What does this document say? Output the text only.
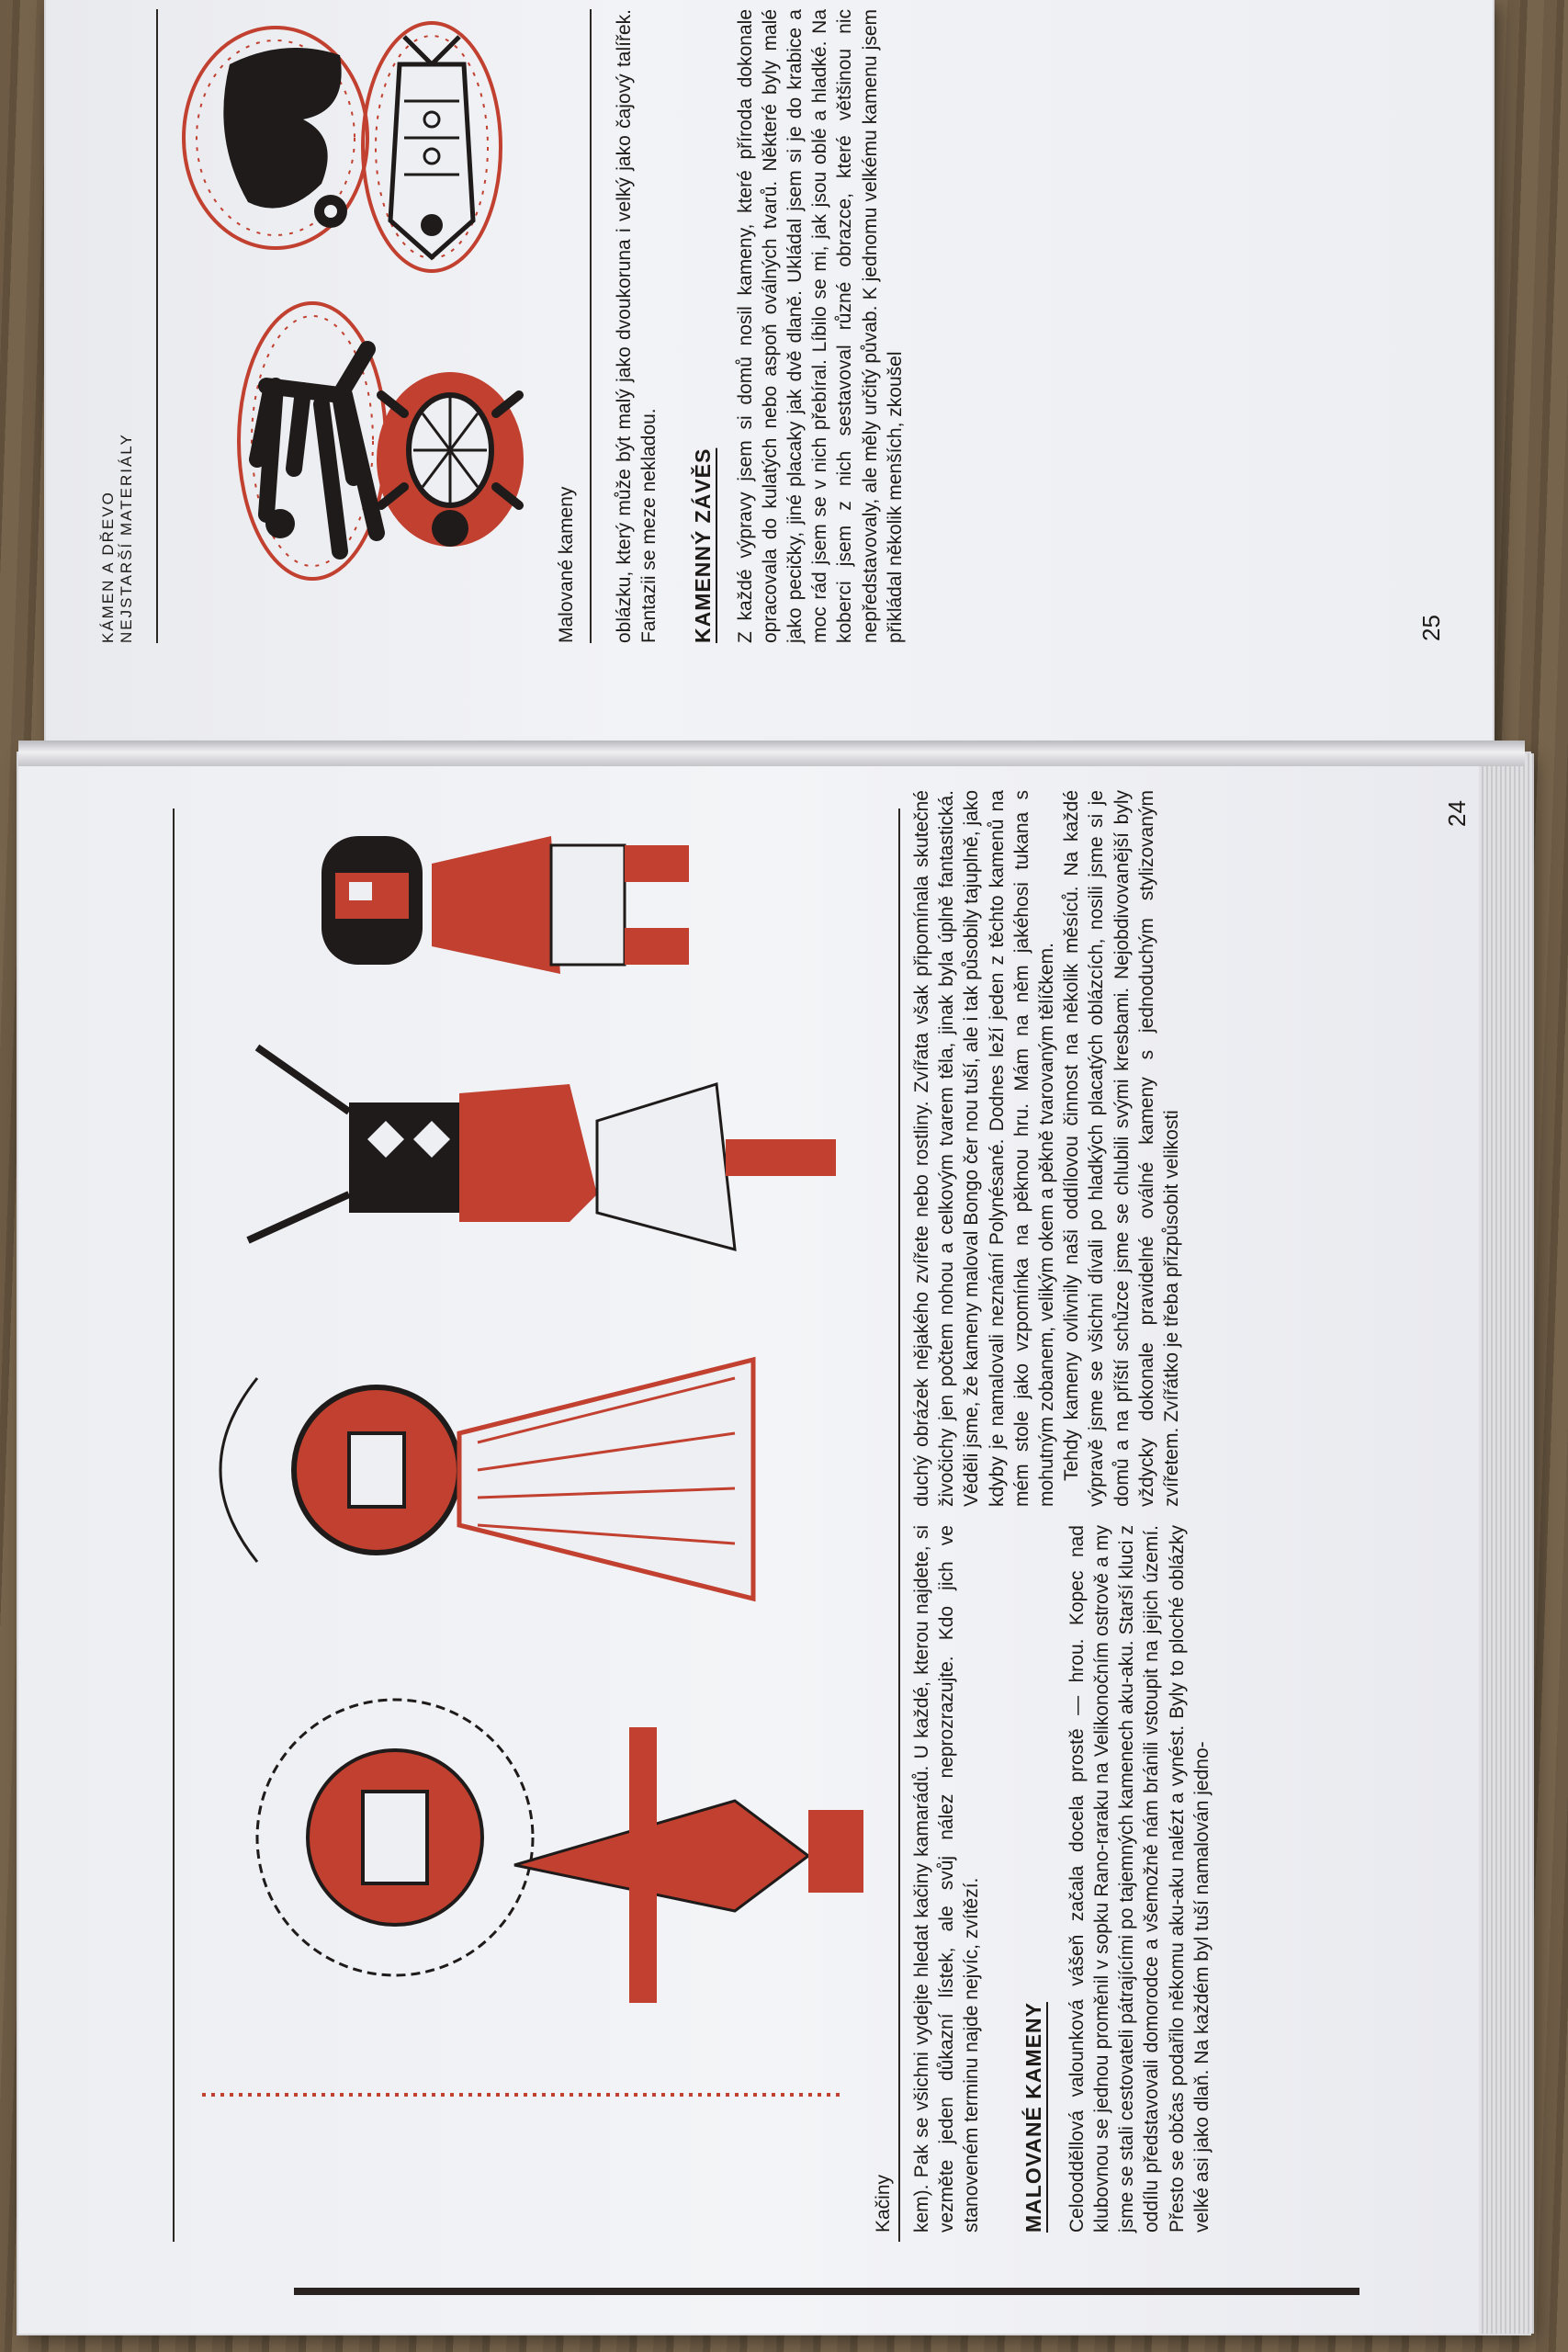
KÁMEN A DŘEVO NEJSTARŠÍ MATERIÁLY	Malované kameny oblázku, který může být malý jako dvoukoruna i velký jako čajový talířek. Fantazii se meze nekladou. KAMENNÝ ZÁVĚS Z každé výpravy jsem si domů nosil kameny, které příroda dokonale opracovala do kulatých nebo aspoň oválných tvarů. Některé byly malé jako pecičky, jiné placaky jak dvě dlaně. Ukládal jsem si je do krabice a moc rád jsem se v nich přebíral. Líbilo se mi, jak jsou oblé a hladké. Na koberci jsem z nich sestavoval různé obrazce, které většinou nic nepředstavovaly, ale měly určitý půvab. K jednomu velkému kamenu jsem přikládal několik menších, zkoušel	25
Kačiny kem). Pak se všichni vydejte hledat kačiny kamarádů. U každé, kterou najdete, si vezměte jeden důkazní lístek, ale svůj nález neprozrazujte. Kdo jich ve stanoveném terminu najde nejvíc, zvítězí. MALOVANÉ KAMENY Celoodděllová valounková vášeň začala docela prostě — hrou. Kopec nad klubovnou se jednou proměnil v sopku Rano-raraku na Velikonočním ostrově a my jsme se stali cestovateli pátrajícími po tajemných kamenech aku-aku. Starší kluci z oddílu představovali domorodce a všemožně nám bránili vstoupit na jejich území. Přesto se občas podařilo někomu aku-aku nalézt a vynést. Byly to ploché oblázky velké asi jako dlaň. Na každém byl tuší namalován jedno-

duchý obrázek nějakého zvířete nebo rostliny. Zvířata však připomínala skutečné živočichy jen počtem nohou a celkovým tvarem těla, jinak byla úplně fantastická. Věděli jsme, že kameny maloval Bongo čer nou tuší, ale i tak působily tajuplně, jako kdyby je namalovali neznámí Polynésané. Dodnes leží jeden z těchto kamenů na mém stole jako vzpomínka na pěknou hru. Mám na něm jakéhosi tukana s mohutným zobanem, velikým okem a pěkně tvarovaným tělíčkem. Tehdy kameny ovlivnily naši oddílovou činnost na několik měsíců. Na každé výpravě jsme se všichni dívali po hladkých placatých oblázcích, nosili jsme si je domů a na příští schůzce jsme se chlubili svými kresbami. Nejobdivovanější byly vždycky dokonale pravidelné oválné kameny s jednoduchým stylizovaným zvířetem. Zvířátko je třeba přizpůsobit velikosti

24
